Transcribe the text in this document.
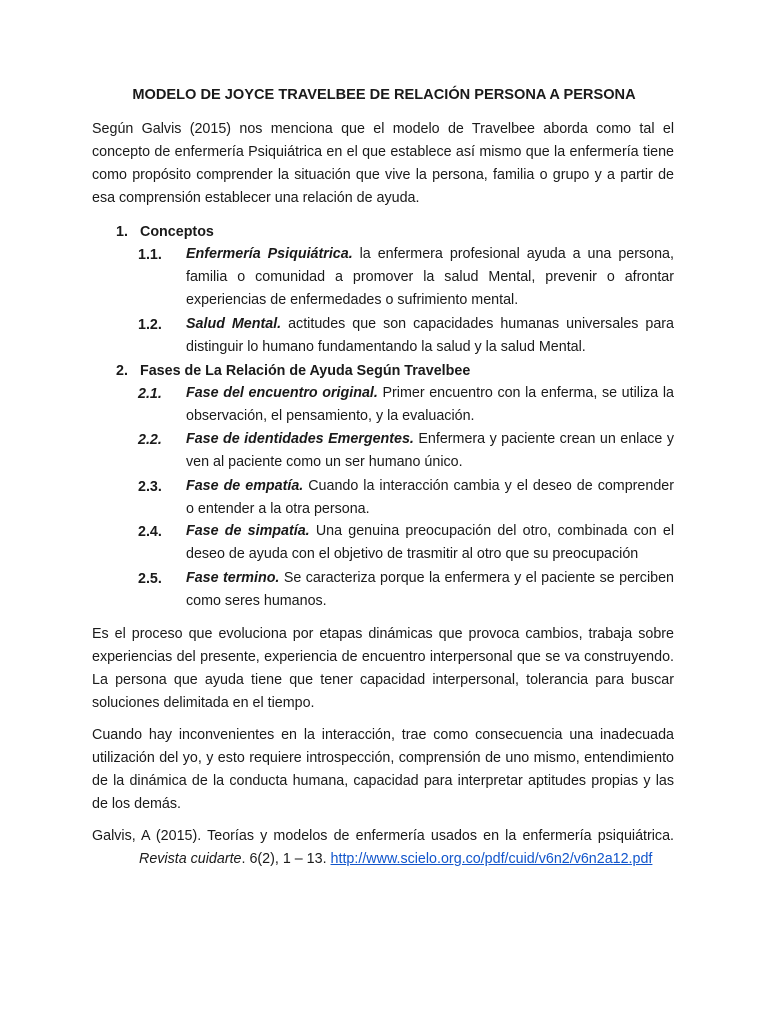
MODELO DE JOYCE TRAVELBEE DE RELACIÓN PERSONA A PERSONA

Según Galvis (2015) nos menciona que el modelo de Travelbee aborda como tal el concepto de enfermería Psiquiátrica en el que establece así mismo que la enfermería tiene como propósito comprender la situación que vive la persona, familia o grupo y a partir de esa comprensión establecer una relación de ayuda.

1. Conceptos
1.1. Enfermería Psiquiátrica. la enfermera profesional ayuda a una persona, familia o comunidad a promover la salud Mental, prevenir o afrontar experiencias de enfermedades o sufrimiento mental.

1.2. Salud Mental. actitudes que son capacidades humanas universales para distinguir lo humano fundamentando la salud y la salud Mental.

2. Fases de La Relación de Ayuda Según Travelbee
2.1. Fase del encuentro original. Primer encuentro con la enferma, se utiliza la observación, el pensamiento, y la evaluación.

2.2. Fase de identidades Emergentes. Enfermera y paciente crean un enlace y ven al paciente como un ser humano único.

2.3. Fase de empatía. Cuando la interacción cambia y el deseo de comprender o entender a la otra persona.

2.4. Fase de simpatía. Una genuina preocupación del otro, combinada con el deseo de ayuda con el objetivo de trasmitir al otro que su preocupación

2.5. Fase termino. Se caracteriza porque la enfermera y el paciente se perciben como seres humanos.

Es el proceso que evoluciona por etapas dinámicas que provoca cambios, trabaja sobre experiencias del presente, experiencia de encuentro interpersonal que se va construyendo. La persona que ayuda tiene que tener capacidad interpersonal, tolerancia para buscar soluciones delimitada en el tiempo.

Cuando hay inconvenientes en la interacción, trae como consecuencia una inadecuada utilización del yo, y esto requiere introspección, comprensión de uno mismo, entendimiento de la dinámica de la conducta humana, capacidad para interpretar aptitudes propias y las de los demás.

Galvis, A (2015). Teorías y modelos de enfermería usados en la enfermería psiquiátrica.
Revista cuidarte. 6(2), 1 – 13. http://www.scielo.org.co/pdf/cuid/v6n2/v6n2a12.pdf
